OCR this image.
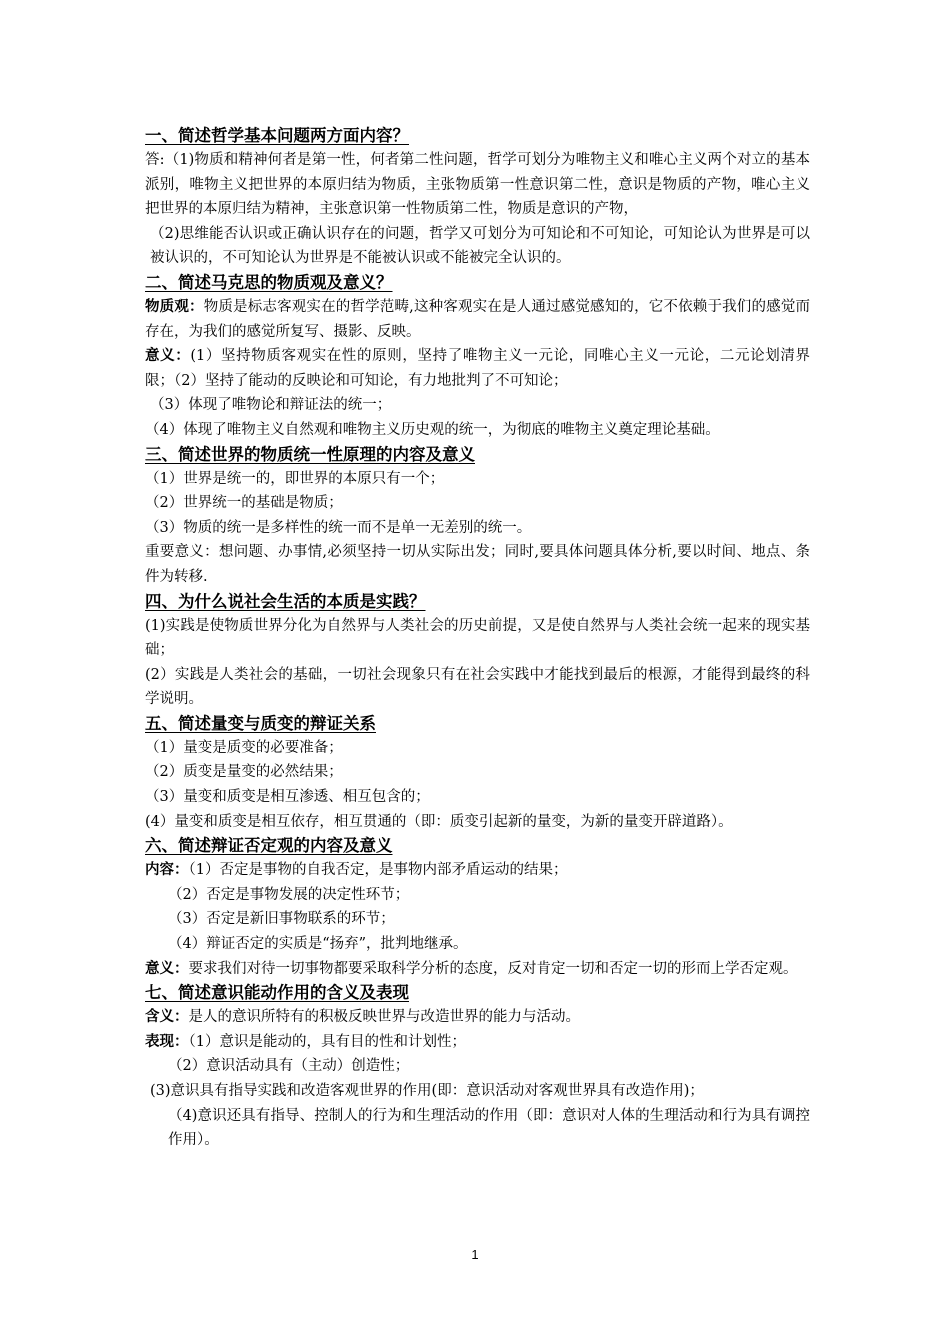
一、简述哲学基本问题两方面内容？
答:（1)物质和精神何者是第一性，何者第二性问题，哲学可划分为唯物主义和唯心主义两个对立的基本派别，唯物主义把世界的本原归结为物质，主张物质第一性意识第二性，意识是物质的产物，唯心主义把世界的本原归结为精神，主张意识第一性物质第二性，物质是意识的产物，
（2)思维能否认识或正确认识存在的问题，哲学又可划分为可知论和不可知论，可知论认为世界是可以被认识的，不可知论认为世界是不能被认识或不能被完全认识的。
二、简述马克思的物质观及意义？
物质观：物质是标志客观实在的哲学范畴,这种客观实在是人通过感觉感知的，它不依赖于我们的感觉而存在，为我们的感觉所复写、摄影、反映。
意义：(1）坚持物质客观实在性的原则，坚持了唯物主义一元论，同唯心主义一元论，二元论划清界限；（2）坚持了能动的反映论和可知论，有力地批判了不可知论；
（3）体现了唯物论和辩证法的统一；
（4）体现了唯物主义自然观和唯物主义历史观的统一，为彻底的唯物主义奠定理论基础。
三、简述世界的物质统一性原理的内容及意义
（1）世界是统一的，即世界的本原只有一个；
（2）世界统一的基础是物质；
（3）物质的统一是多样性的统一而不是单一无差别的统一。
重要意义：想问题、办事情,必须坚持一切从实际出发；同时,要具体问题具体分析,要以时间、地点、条件为转移.
四、为什么说社会生活的本质是实践？
(1)实践是使物质世界分化为自然界与人类社会的历史前提，又是使自然界与人类社会统一起来的现实基础；
(2）实践是人类社会的基础，一切社会现象只有在社会实践中才能找到最后的根源，才能得到最终的科学说明。
五、简述量变与质变的辩证关系
（1）量变是质变的必要准备；
（2）质变是量变的必然结果；
（3）量变和质变是相互渗透、相互包含的；
(4）量变和质变是相互依存，相互贯通的（即：质变引起新的量变，为新的量变开辟道路）。
六、简述辩证否定观的内容及意义
内容：（1）否定是事物的自我否定，是事物内部矛盾运动的结果；
（2）否定是事物发展的决定性环节；
（3）否定是新旧事物联系的环节；
（4）辩证否定的实质是“扬弃”，批判地继承。
意义：要求我们对待一切事物都要采取科学分析的态度，反对肯定一切和否定一切的形而上学否定观。
七、简述意识能动作用的含义及表现
含义：是人的意识所特有的积极反映世界与改造世界的能力与活动。
表现：（1）意识是能动的，具有目的性和计划性；
（2）意识活动具有（主动）创造性；
(3)意识具有指导实践和改造客观世界的作用(即：意识活动对客观世界具有改造作用)；
（4)意识还具有指导、控制人的行为和生理活动的作用（即：意识对人体的生理活动和行为具有调控作用）。
1
